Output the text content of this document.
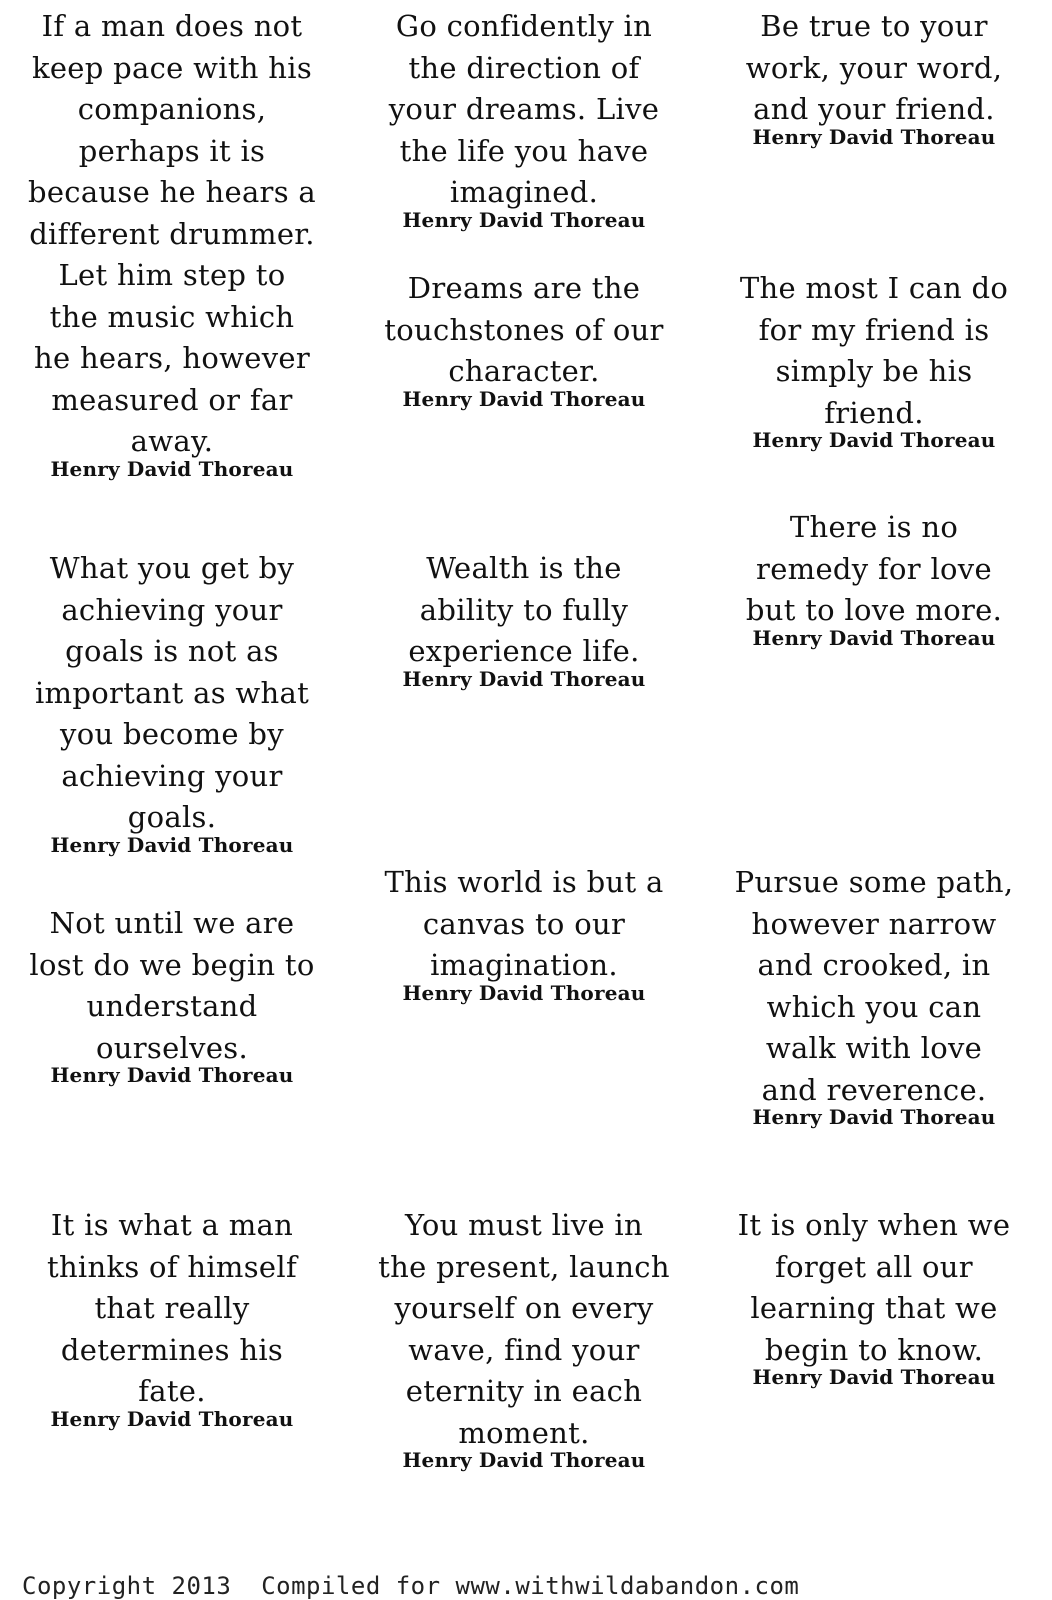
If a man does not
keep pace with his
companions,
perhaps it is
because he hears a
different drummer.
Let him step to
the music which
he hears, however
measured or far
away.
Henry David Thoreau
Go confidently in
the direction of
your dreams. Live
the life you have
imagined.
Henry David Thoreau
Be true to your
work, your word,
and your friend.
Henry David Thoreau
Dreams are the
touchstones of our
character.
Henry David Thoreau
The most I can do
for my friend is
simply be his
friend.
Henry David Thoreau
What you get by
achieving your
goals is not as
important as what
you become by
achieving your
goals.
Henry David Thoreau
Wealth is the
ability to fully
experience life.
Henry David Thoreau
There is no
remedy for love
but to love more.
Henry David Thoreau
Not until we are
lost do we begin to
understand
ourselves.
Henry David Thoreau
This world is but a
canvas to our
imagination.
Henry David Thoreau
Pursue some path,
however narrow
and crooked, in
which you can
walk with love
and reverence.
Henry David Thoreau
It is what a man
thinks of himself
that really
determines his
fate.
Henry David Thoreau
You must live in
the present, launch
yourself on every
wave, find your
eternity in each
moment.
Henry David Thoreau
It is only when we
forget all our
learning that we
begin to know.
Henry David Thoreau
Copyright 2013  Compiled for www.withwildabandon.com
